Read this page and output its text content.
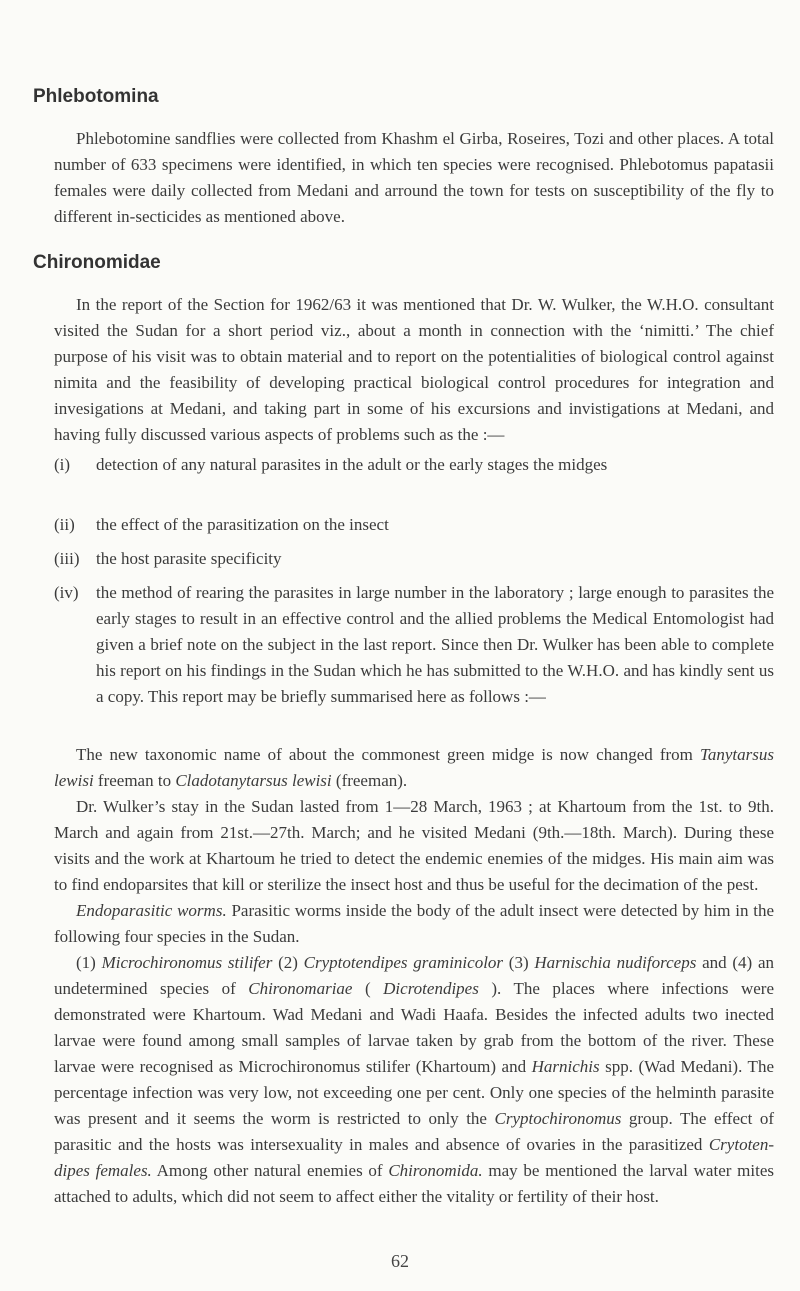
Phlebotomina
Phlebotomine sandflies were collected from Khashm el Girba, Roseires, Tozi and other places. A total number of 633 specimens were identified, in which ten species were recognised. Phlebotomus papatasii females were daily collected from Medani and arround the town for tests on susceptibility of the fly to different in-secticides as mentioned above.
Chironomidae
In the report of the Section for 1962/63 it was mentioned that Dr. W. Wulker, the W.H.O. consultant visited the Sudan for a short period viz., about a month in connection with the ‘nimitti.’ The chief purpose of his visit was to obtain material and to report on the potentialities of biological control against nimita and the feasibility of developing practical biological control procedures for integration and invesigations at Medani, and taking part in some of his excursions and invistigations at Medani, and having fully discussed various aspects of problems such as the :—
(i)	detection of any natural parasites in the adult or the early stages the midges
(ii)	the effect of the parasitization on the insect
(iii) the host parasite specificity
(iv)	the method of rearing the parasites in large number in the laboratory ; large enough to parasites the early stages to result in an effective control and the allied problems the Medical Entomologist had given a brief note on the subject in the last report. Since then Dr. Wulker has been able to complete his report on his findings in the Sudan which he has submitted to the W.H.O. and has kindly sent us a copy. This report may be briefly summarised here as follows :—
The new taxonomic name of about the commonest green midge is now changed from Tanytarsus lewisi freeman to Cladotanytarsus lewisi (freeman).
Dr. Wulker’s stay in the Sudan lasted from 1—28 March, 1963 ; at Khartoum from the 1st. to 9th. March and again from 21st.—27th. March; and he visited Medani (9th.—18th. March). During these visits and the work at Khartoum he tried to detect the endemic enemies of the midges. His main aim was to find endoparsites that kill or sterilize the insect host and thus be useful for the decimation of the pest.
Endoparasitic worms. Parasitic worms inside the body of the adult insect were detected by him in the following four species in the Sudan.
(1) Microchironomus stilifer (2) Cryptotendipes graminicolor (3) Harnischia nudiforceps and (4) an undetermined species of Chironomariae ( Dicrotendipes ). The places where infections were demonstrated were Khartoum. Wad Medani and Wadi Haafa. Besides the infected adults two inected larvae were found among small samples of larvae taken by grab from the bottom of the river. These larvae were recognised as Microchironomus stilifer (Khartoum) and Harnichis spp. (Wad Medani). The percentage infection was very low, not exceeding one per cent. Only one species of the helminth parasite was present and it seems the worm is restricted to only the Cryptochironomus group. The effect of parasitic and the hosts was intersexuality in males and absence of ovaries in the parasitized Crytoten-dipes females. Among other natural enemies of Chironomida. may be mentioned the larval water mites attached to adults, which did not seem to affect either the vitality or fertility of their host.
62
